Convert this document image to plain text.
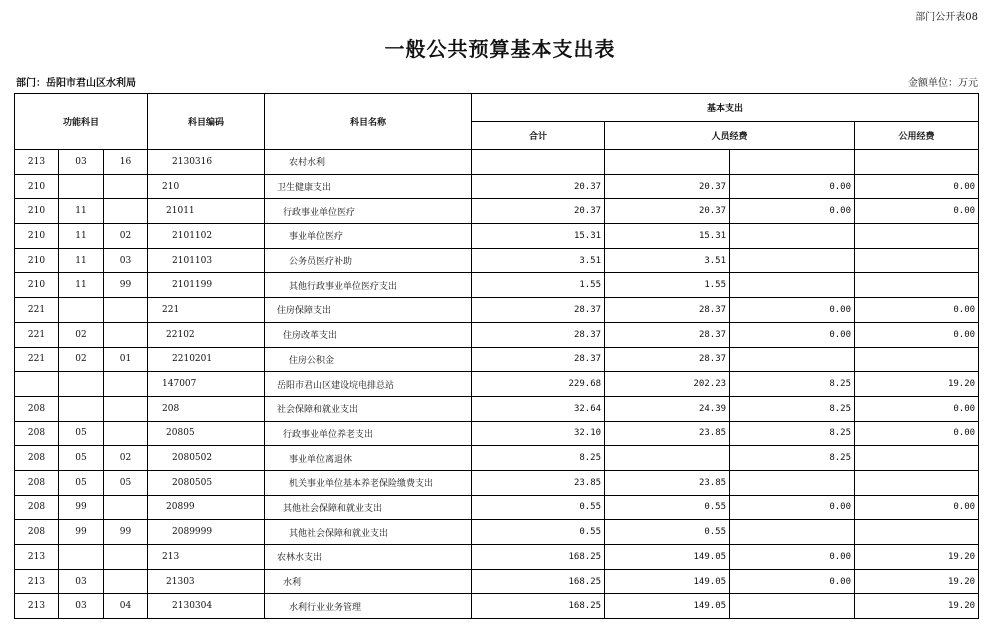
部门公开表08
一般公共预算基本支出表
部门：岳阳市君山区水利局	金额单位：万元
功能科目			科目编码	科目名称	基本支出			
					合计	人员经费		公用经费
213	03	16	2130316	农村水利				
210			210	卫生健康支出	20.37	20.37	0.00	0.00
210	11		21011	行政事业单位医疗	20.37	20.37	0.00	0.00
210	11	02	2101102	事业单位医疗	15.31	15.31		
210	11	03	2101103	公务员医疗补助	3.51	3.51		
210	11	99	2101199	其他行政事业单位医疗支出	1.55	1.55		
221			221	住房保障支出	28.37	28.37	0.00	0.00
221	02		22102	住房改革支出	28.37	28.37	0.00	0.00
221	02	01	2210201	住房公积金	28.37	28.37		
			147007	岳阳市君山区建设垸电排总站	229.68	202.23	8.25	19.20
208			208	社会保障和就业支出	32.64	24.39	8.25	0.00
208	05		20805	行政事业单位养老支出	32.10	23.85	8.25	0.00
208	05	02	2080502	事业单位离退休	8.25		8.25	
208	05	05	2080505	机关事业单位基本养老保险缴费支出	23.85	23.85		
208	99		20899	其他社会保障和就业支出	0.55	0.55	0.00	0.00
208	99	99	2089999	其他社会保障和就业支出	0.55	0.55		
213			213	农林水支出	168.25	149.05	0.00	19.20
213	03		21303	水利	168.25	149.05	0.00	19.20
213	03	04	2130304	水利行业业务管理	168.25	149.05		19.20
